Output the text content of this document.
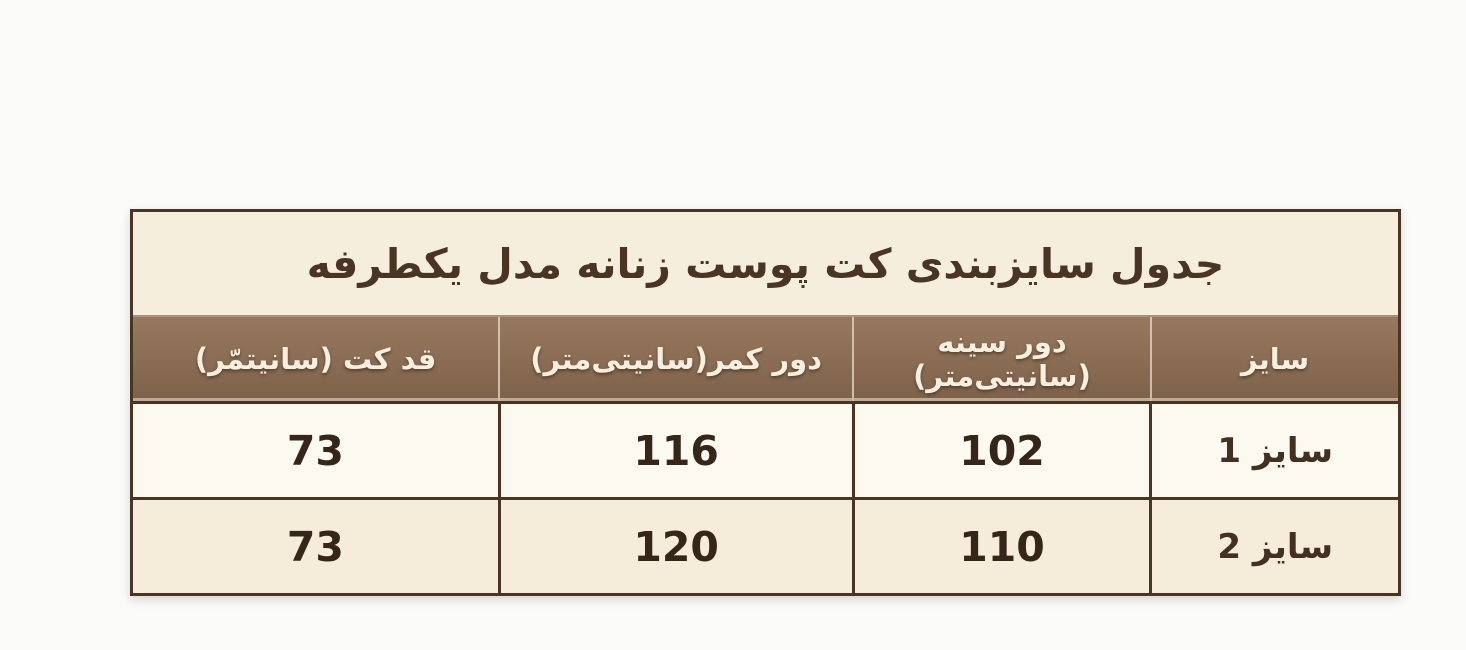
جدول سایزبندی کت پوست زنانه مدل یکطرفه			
سایز	دور سینه (سانیتی‌متر)	دور کمر(سانیتی‌متر)	قد کت (سانیتمّر)
سایز 1	102	116	73
سایز 2	110	120	73
